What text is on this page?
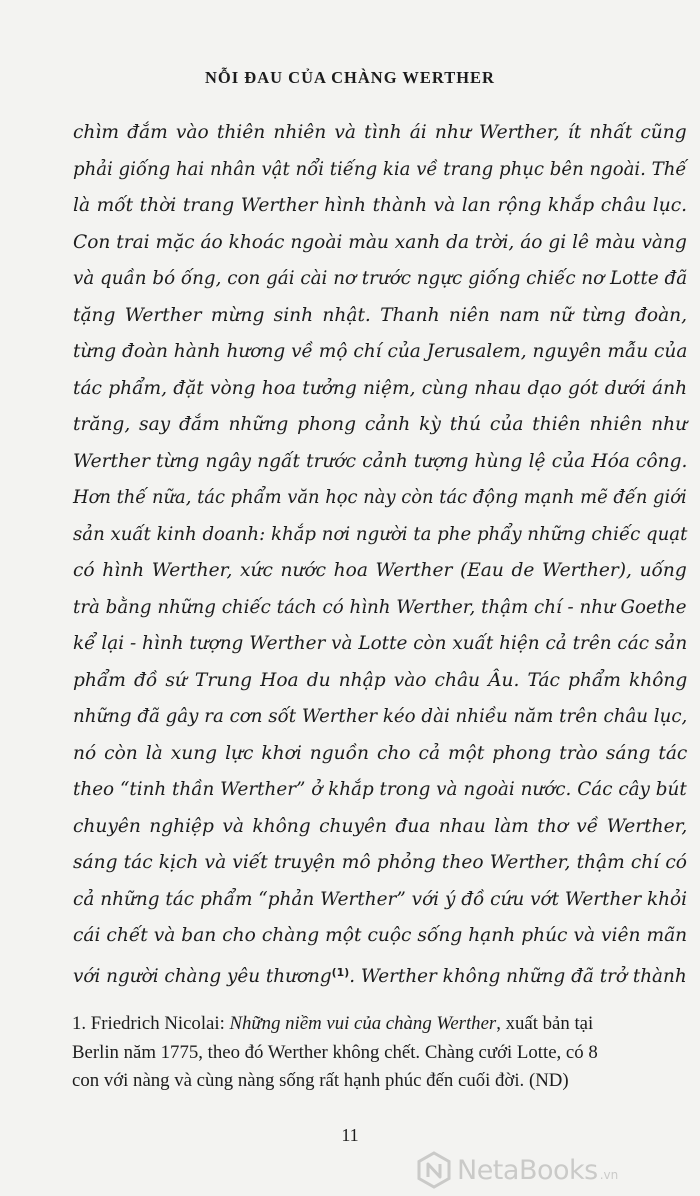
NỖI ĐAU CỦA CHÀNG WERTHER
chìm đắm vào thiên nhiên và tình ái như Werther, ít nhất cũng
phải giống hai nhân vật nổi tiếng kia về trang phục bên ngoài. Thế
là mốt thời trang Werther hình thành và lan rộng khắp châu lục.
Con trai mặc áo khoác ngoài màu xanh da trời, áo gi lê màu vàng
và quần bó ống, con gái cài nơ trước ngực giống chiếc nơ Lotte đã
tặng Werther mừng sinh nhật. Thanh niên nam nữ từng đoàn,
từng đoàn hành hương về mộ chí của Jerusalem, nguyên mẫu của
tác phẩm, đặt vòng hoa tưởng niệm, cùng nhau dạo gót dưới ánh
trăng, say đắm những phong cảnh kỳ thú của thiên nhiên như
Werther từng ngây ngất trước cảnh tượng hùng lệ của Hóa công.
Hơn thế nữa, tác phẩm văn học này còn tác động mạnh mẽ đến giới
sản xuất kinh doanh: khắp nơi người ta phe phẩy những chiếc quạt
có hình Werther, xức nước hoa Werther (Eau de Werther), uống
trà bằng những chiếc tách có hình Werther, thậm chí - như Goethe
kể lại - hình tượng Werther và Lotte còn xuất hiện cả trên các sản
phẩm đồ sứ Trung Hoa du nhập vào châu Âu. Tác phẩm không
những đã gây ra cơn sốt Werther kéo dài nhiều năm trên châu lục,
nó còn là xung lực khơi nguồn cho cả một phong trào sáng tác
theo “tinh thần Werther” ở khắp trong và ngoài nước. Các cây bút
chuyên nghiệp và không chuyên đua nhau làm thơ về Werther,
sáng tác kịch và viết truyện mô phỏng theo Werther, thậm chí có
cả những tác phẩm “phản Werther” với ý đồ cứu vớt Werther khỏi
cái chết và ban cho chàng một cuộc sống hạnh phúc và viên mãn
với người chàng yêu thương$^{(1)}$. Werther không những đã trở thành

1. Friedrich Nicolai: Những niềm vui của chàng Werther, xuất bản tại
Berlin năm 1775, theo đó Werther không chết. Chàng cưới Lotte, có 8
con với nàng và cùng nàng sống rất hạnh phúc đến cuối đời. (ND)
11
NetaBooks .vn
